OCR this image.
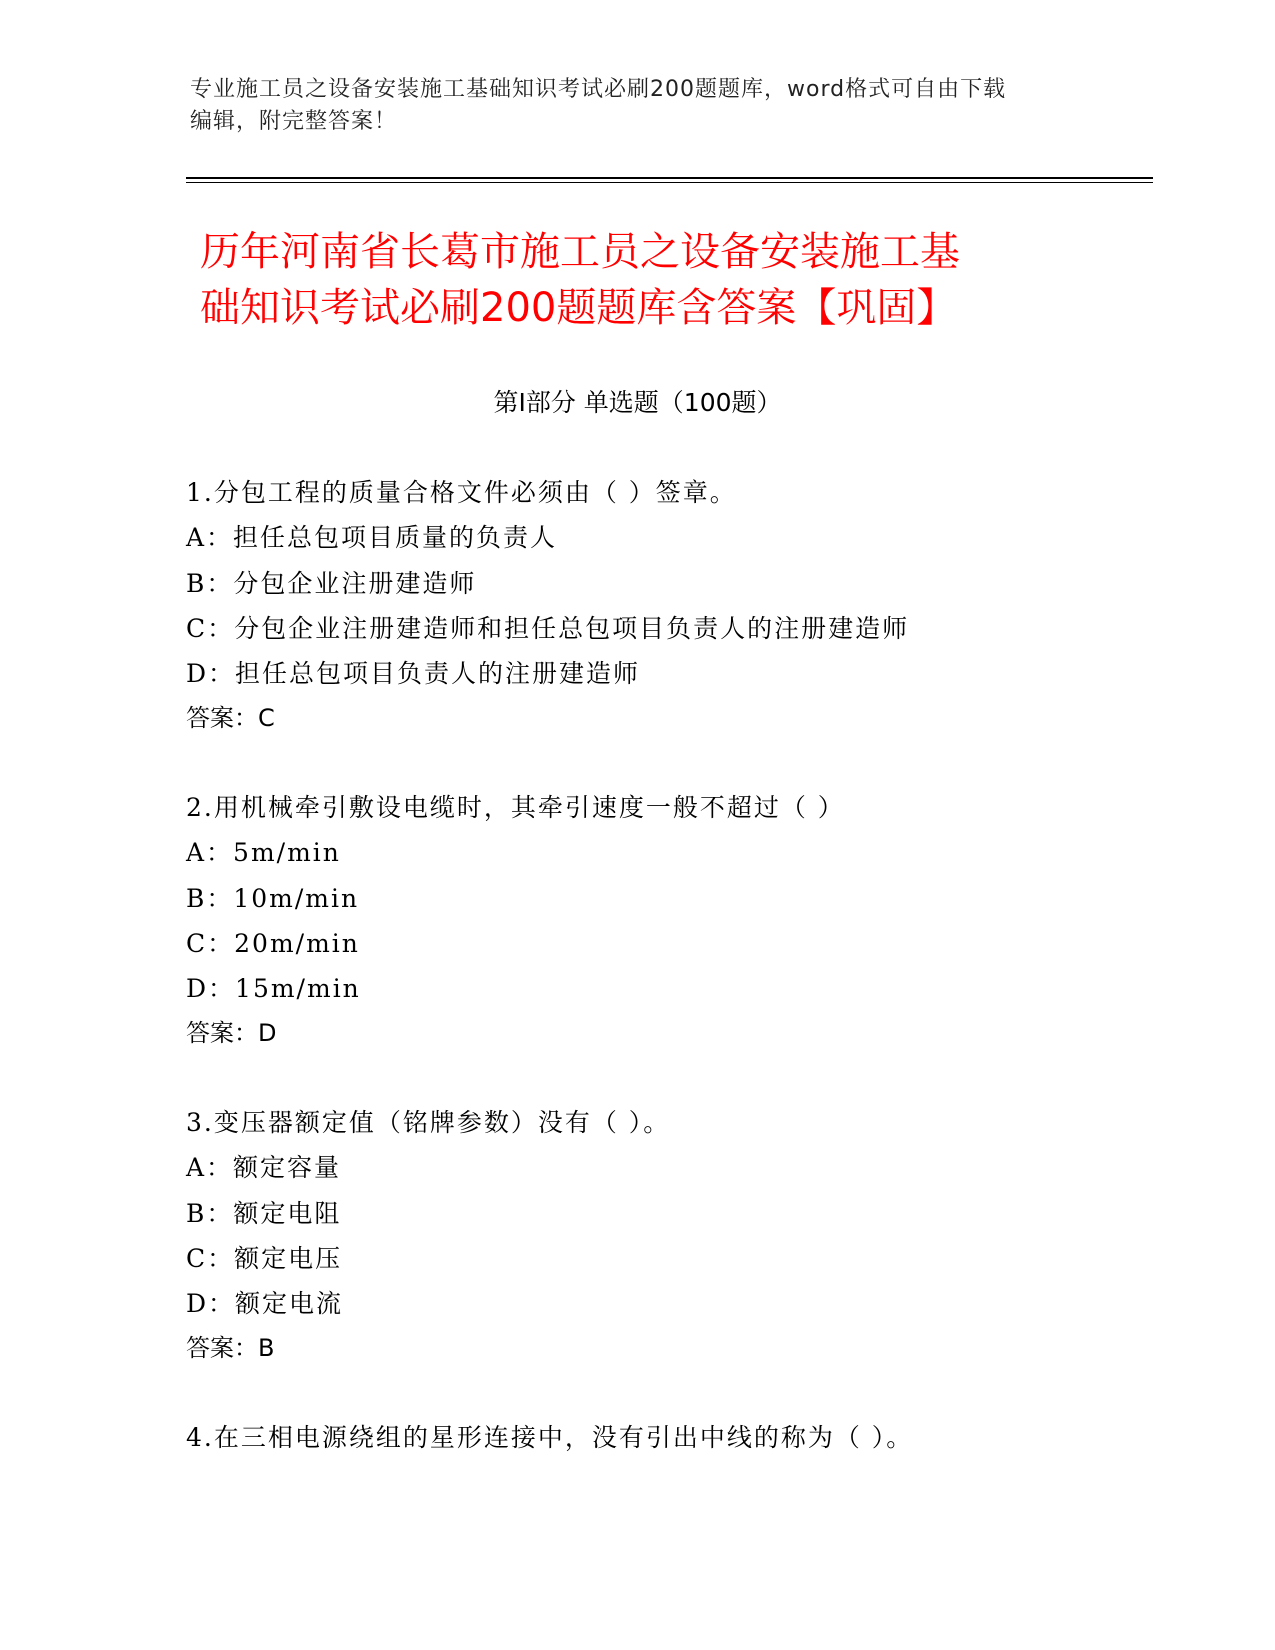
专业施工员之设备安装施工基础知识考试必刷200题题库，word格式可自由下载
编辑，附完整答案！
历年河南省长葛市施工员之设备安装施工基
础知识考试必刷200题题库含答案【巩固】
第Ⅰ部分 单选题（100题）
1.分包工程的质量合格文件必须由（ ）签章。
A：担任总包项目质量的负责人
B：分包企业注册建造师
C：分包企业注册建造师和担任总包项目负责人的注册建造师
D：担任总包项目负责人的注册建造师
答案：C
2.用机械牵引敷设电缆时，其牵引速度一般不超过（ ）
A：5m/min
B：10m/min
C：20m/min
D：15m/min
答案：D
3.变压器额定值（铭牌参数）没有（ ）。
A：额定容量
B：额定电阻
C：额定电压
D：额定电流
答案：B
4.在三相电源绕组的星形连接中，没有引出中线的称为（ ）。
